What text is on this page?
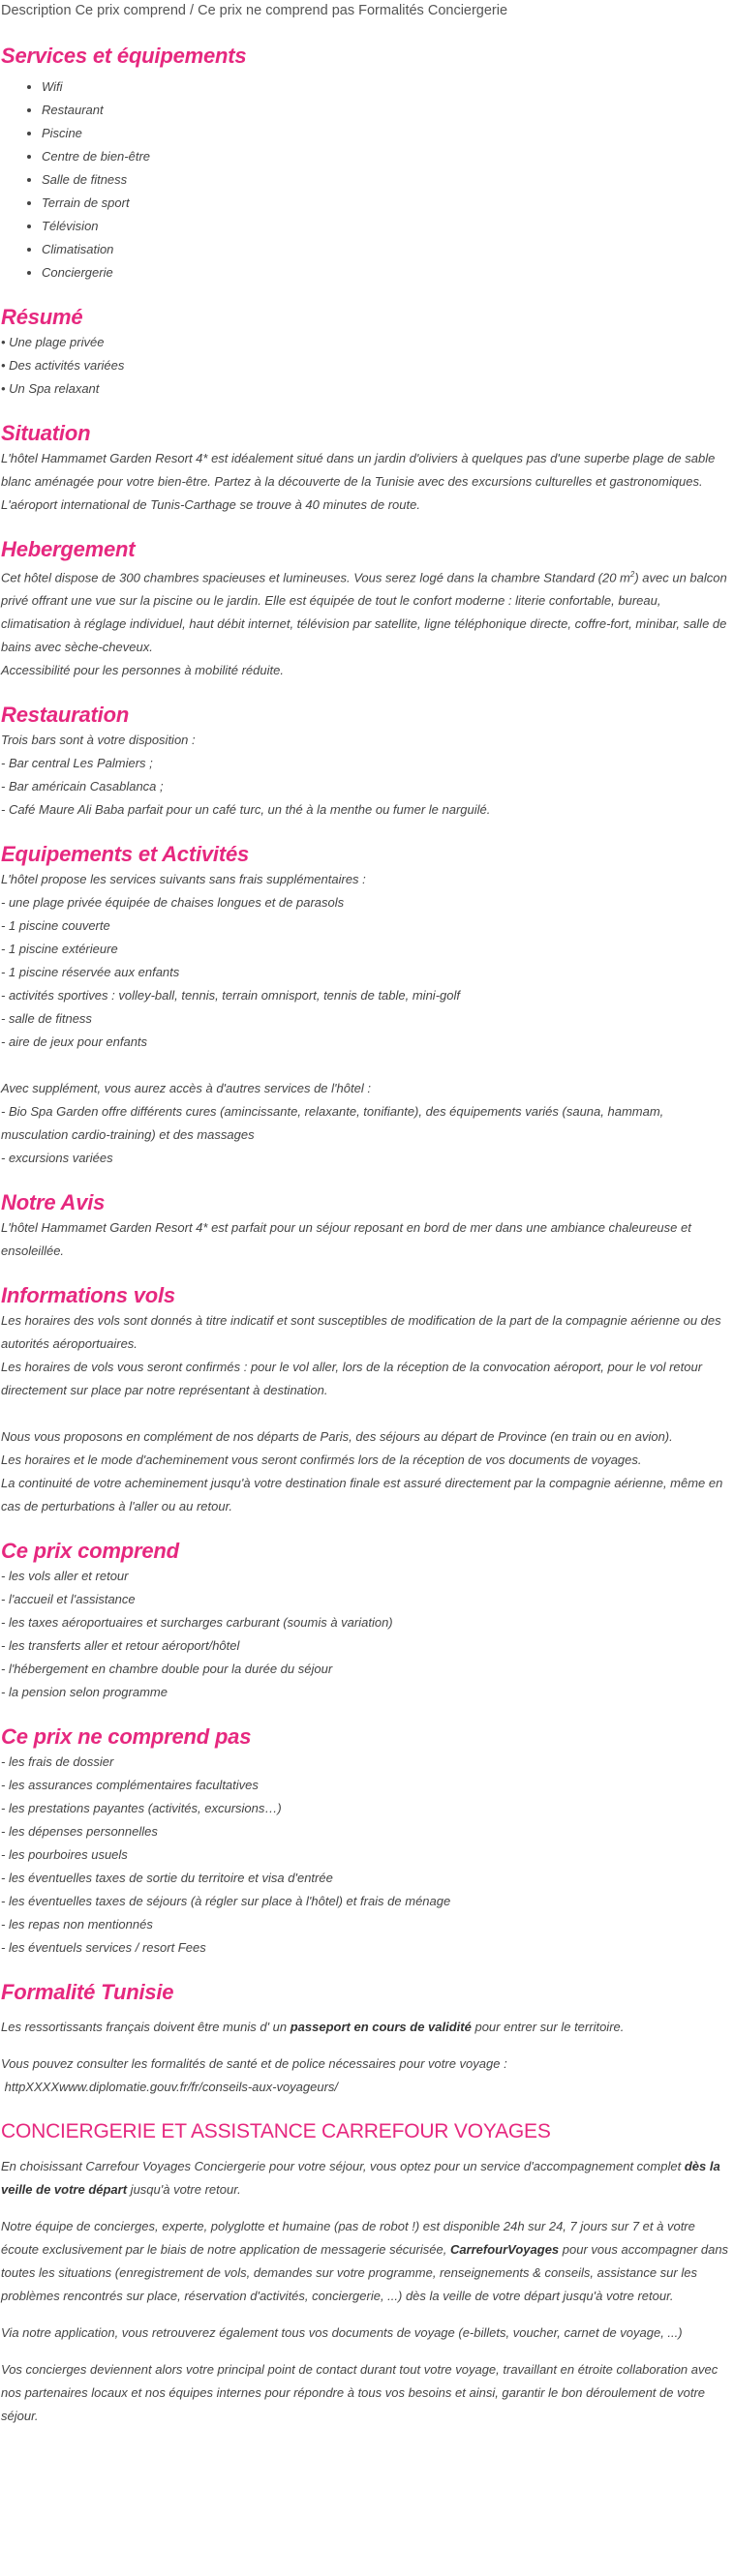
Description Ce prix comprend / Ce prix ne comprend pas Formalités Conciergerie
Services et équipements
• Wifi
• Restaurant
• Piscine
• Centre de bien-être
• Salle de fitness
• Terrain de sport
• Télévision
• Climatisation
• Conciergerie
Résumé
• Une plage privée
• Des activités variées
• Un Spa relaxant
Situation

L'hôtel Hammamet Garden Resort 4* est idéalement situé dans un jardin d'oliviers à quelques pas d'une superbe plage de sable blanc aménagée pour votre bien-être. Partez à la découverte de la Tunisie avec des excursions culturelles et gastronomiques. L'aéroport international de Tunis-Carthage se trouve à 40 minutes de route.

Hebergement

Cet hôtel dispose de 300 chambres spacieuses et lumineuses. Vous serez logé dans la chambre Standard (20 $m^2$) avec un balcon privé offrant une vue sur la piscine ou le jardin. Elle est équipée de tout le confort moderne : literie confortable, bureau, climatisation à réglage individuel, haut débit internet, télévision par satellite, ligne téléphonique directe, coffre-fort, minibar, salle de bains avec sèche-cheveux.

Accessibilité pour les personnes à mobilité réduite.
Restauration
Trois bars sont à votre disposition :
- Bar central Les Palmiers ;
- Bar américain Casablanca ;
- Café Maure Ali Baba parfait pour un café turc, un thé à la menthe ou fumer le narguilé.
Equipements et Activités
L'hôtel propose les services suivants sans frais supplémentaires :
- une plage privée équipée de chaises longues et de parasols
- 1 piscine couverte
- 1 piscine extérieure
- 1 piscine réservée aux enfants
- activités sportives : volley-ball, tennis, terrain omnisport, tennis de table, mini-golf
- salle de fitness
- aire de jeux pour enfants
Avec supplément, vous aurez accès à d'autres services de l'hôtel :

- Bio Spa Garden offre différents cures (amincissante, relaxante, tonifiante), des équipements variés (sauna, hammam, musculation cardio-training) et des massages

- excursions variées
Notre Avis

L'hôtel Hammamet Garden Resort 4* est parfait pour un séjour reposant en bord de mer dans une ambiance chaleureuse et ensoleillée.

Informations vols

Les horaires des vols sont donnés à titre indicatif et sont susceptibles de modification de la part de la compagnie aérienne ou des autorités aéroportuaires.

Les horaires de vols vous seront confirmés : pour le vol aller, lors de la réception de la convocation aéroport, pour le vol retour directement sur place par notre représentant à destination.

Nous vous proposons en complément de nos départs de Paris, des séjours au départ de Province (en train ou en avion).

Les horaires et le mode d'acheminement vous seront confirmés lors de la réception de vos documents de voyages.

La continuité de votre acheminement jusqu'à votre destination finale est assuré directement par la compagnie aérienne, même en cas de perturbations à l'aller ou au retour.

Ce prix comprend
- les vols aller et retour
- l'accueil et l'assistance
- les taxes aéroportuaires et surcharges carburant (soumis à variation)
- les transferts aller et retour aéroport/hôtel
- l'hébergement en chambre double pour la durée du séjour
- la pension selon programme
Ce prix ne comprend pas
- les frais de dossier
- les assurances complémentaires facultatives
- les prestations payantes (activités, excursions…)
- les dépenses personnelles
- les pourboires usuels
- les éventuelles taxes de sortie du territoire et visa d'entrée
- les éventuelles taxes de séjours (à régler sur place à l'hôtel) et frais de ménage
- les repas non mentionnés
- les éventuels services / resort Fees
Formalité Tunisie

Les ressortissants français doivent être munis d' un passeport en cours de validité pour entrer sur le territoire.

Vous pouvez consulter les formalités de santé et de police nécessaires pour votre voyage :

httpXXXXwww.diplomatie.gouv.fr/fr/conseils-aux-voyageurs/

CONCIERGERIE ET ASSISTANCE CARREFOUR VOYAGES

En choisissant Carrefour Voyages Conciergerie pour votre séjour, vous optez pour un service d'accompagnement complet dès la veille de votre départ jusqu'à votre retour.

Notre équipe de concierges, experte, polyglotte et humaine (pas de robot !) est disponible 24h sur 24, 7 jours sur 7 et à votre écoute exclusivement par le biais de notre application de messagerie sécurisée, CarrefourVoyages pour vous accompagner dans toutes les situations (enregistrement de vols, demandes sur votre programme, renseignements & conseils, assistance sur les problèmes rencontrés sur place, réservation d'activités, conciergerie, ...) dès la veille de votre départ jusqu'à votre retour.

Via notre application, vous retrouverez également tous vos documents de voyage (e-billets, voucher, carnet de voyage, ...)

Vos concierges deviennent alors votre principal point de contact durant tout votre voyage, travaillant en étroite collaboration avec nos partenaires locaux et nos équipes internes pour répondre à tous vos besoins et ainsi, garantir le bon déroulement de votre séjour.
